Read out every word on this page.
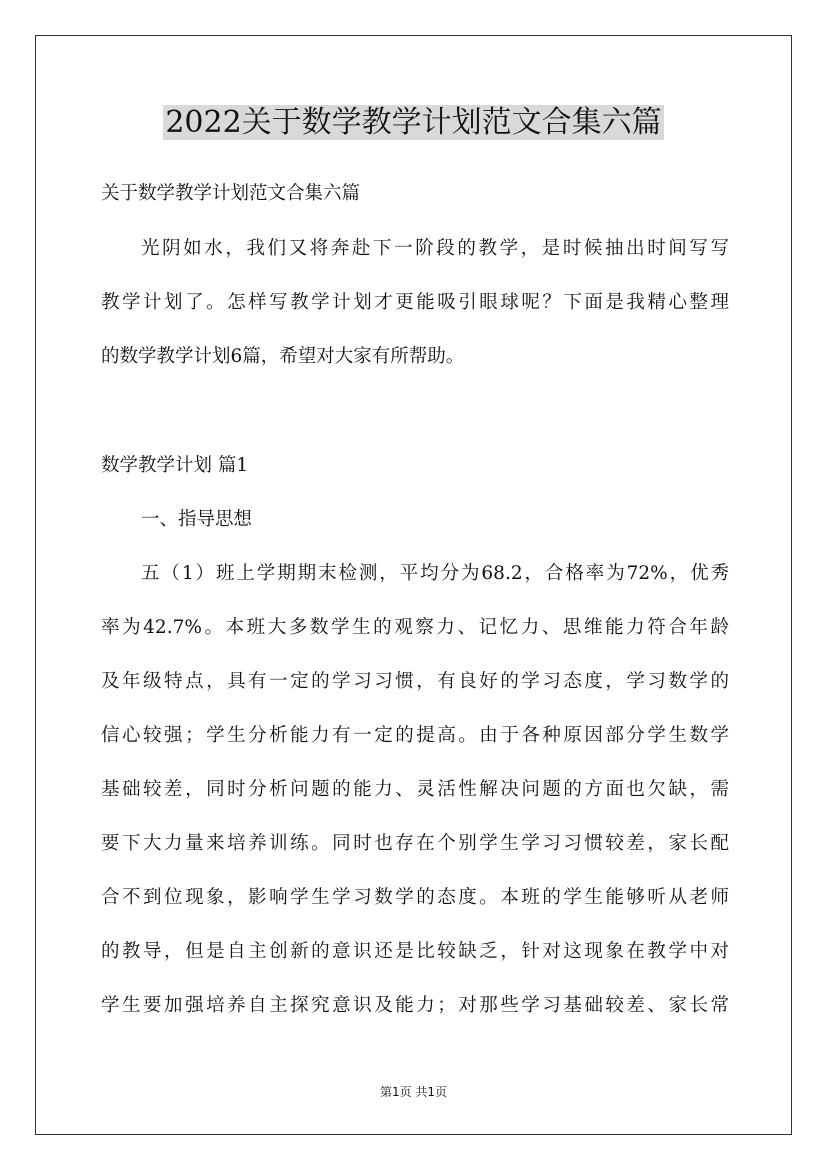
2022关于数学教学计划范文合集六篇
关于数学教学计划范文合集六篇
光阴如水，我们又将奔赴下一阶段的教学，是时候抽出时间写写
教学计划了。怎样写教学计划才更能吸引眼球呢？下面是我精心整理
的数学教学计划6篇，希望对大家有所帮助。
数学教学计划 篇1
一、指导思想
五（1）班上学期期末检测，平均分为68.2，合格率为72%，优秀
率为42.7%。本班大多数学生的观察力、记忆力、思维能力符合年龄
及年级特点，具有一定的学习习惯，有良好的学习态度，学习数学的
信心较强；学生分析能力有一定的提高。由于各种原因部分学生数学
基础较差，同时分析问题的能力、灵活性解决问题的方面也欠缺，需
要下大力量来培养训练。同时也存在个别学生学习习惯较差，家长配
合不到位现象，影响学生学习数学的态度。本班的学生能够听从老师
的教导，但是自主创新的意识还是比较缺乏，针对这现象在教学中对
学生要加强培养自主探究意识及能力；对那些学习基础较差、家长常
第1页 共1页
